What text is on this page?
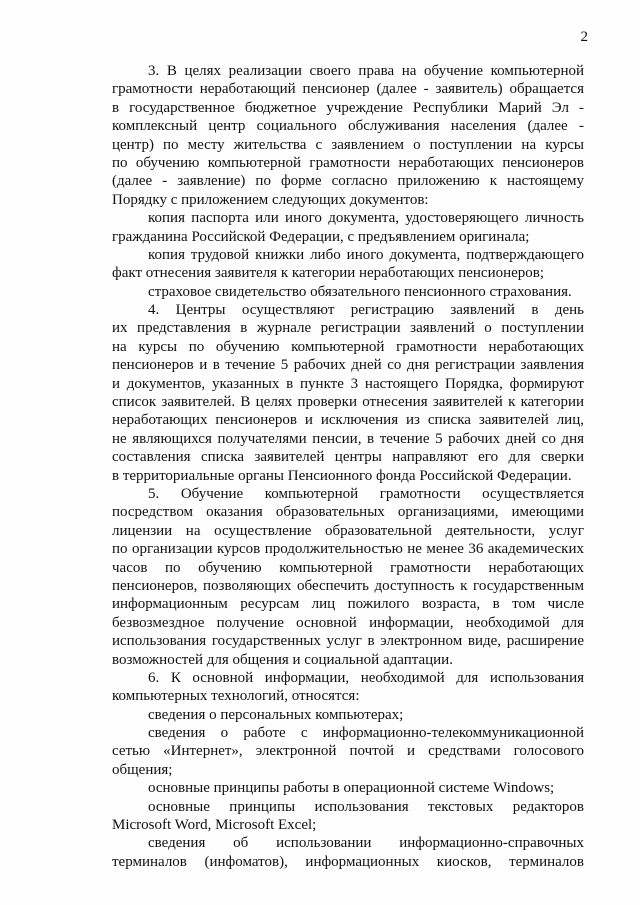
2
3. В целях реализации своего права на обучение компьютерной
грамотности неработающий пенсионер (далее - заявитель) обращается
в государственное бюджетное учреждение Республики Марий Эл -
комплексный центр социального обслуживания населения (далее -
центр) по месту жительства с заявлением о поступлении на курсы
по обучению компьютерной грамотности неработающих пенсионеров
(далее - заявление) по форме согласно приложению к настоящему
Порядку с приложением следующих документов:
копия паспорта или иного документа, удостоверяющего личность
гражданина Российской Федерации, с предъявлением оригинала;
копия трудовой книжки либо иного документа, подтверждающего
факт отнесения заявителя к категории неработающих пенсионеров;
страховое свидетельство обязательного пенсионного страхования.
4. Центры осуществляют регистрацию заявлений в день
их представления в журнале регистрации заявлений о поступлении
на курсы по обучению компьютерной грамотности неработающих
пенсионеров и в течение 5 рабочих дней со дня регистрации заявления
и документов, указанных в пункте 3 настоящего Порядка, формируют
список заявителей. В целях проверки отнесения заявителей к категории
неработающих пенсионеров и исключения из списка заявителей лиц,
не являющихся получателями пенсии, в течение 5 рабочих дней со дня
составления списка заявителей центры направляют его для сверки
в территориальные органы Пенсионного фонда Российской Федерации.
5. Обучение компьютерной грамотности осуществляется
посредством оказания образовательных организациями, имеющими
лицензии на осуществление образовательной деятельности, услуг
по организации курсов продолжительностью не менее 36 академических
часов по обучению компьютерной грамотности неработающих
пенсионеров, позволяющих обеспечить доступность к государственным
информационным ресурсам лиц пожилого возраста, в том числе
безвозмездное получение основной информации, необходимой для
использования государственных услуг в электронном виде, расширение
возможностей для общения и социальной адаптации.
6. К основной информации, необходимой для использования
компьютерных технологий, относятся:
сведения о персональных компьютерах;
сведения о работе с информационно-телекоммуникационной
сетью «Интернет», электронной почтой и средствами голосового
общения;
основные принципы работы в операционной системе Windows;
основные принципы использования текстовых редакторов
Microsoft Word, Microsoft Excel;
сведения об использовании информационно-справочных
терминалов (инфоматов), информационных киосков, терминалов
